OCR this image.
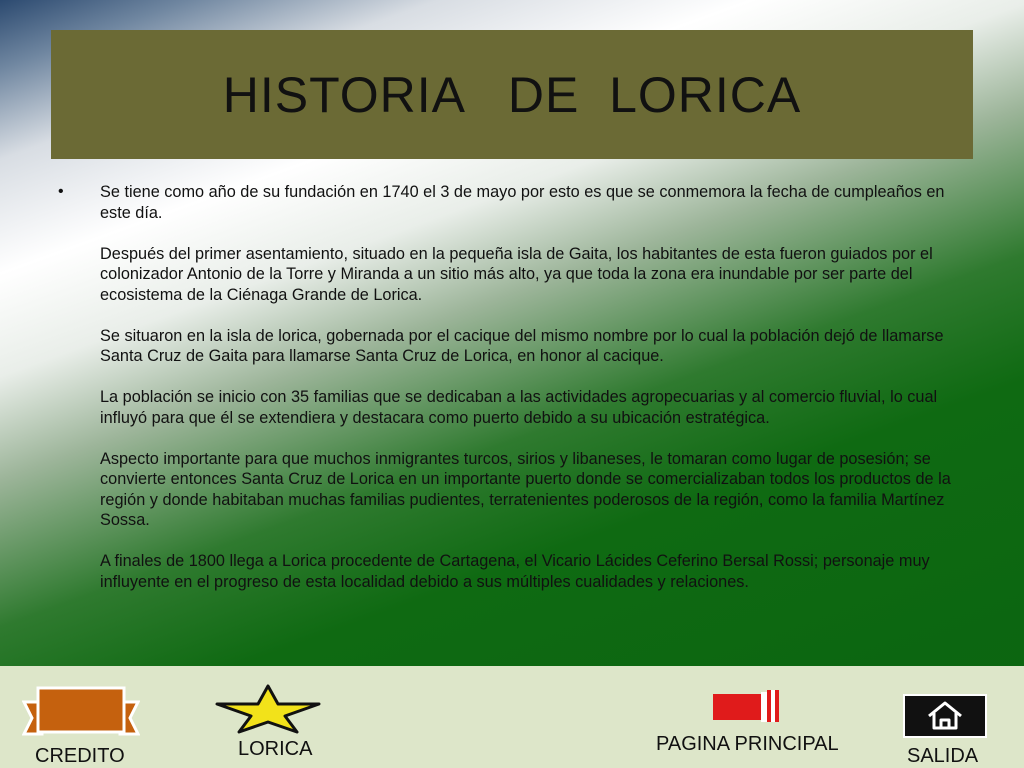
HISTORIA   DE  LORICA
• Se tiene como año de su fundación en 1740 el 3 de mayo por esto es que se conmemora la fecha de cumpleaños en este día.

Después del primer asentamiento, situado en la pequeña isla de Gaita, los habitantes de esta fueron guiados por el colonizador Antonio de la Torre y Miranda a un sitio más alto, ya que toda la zona era inundable por ser parte del ecosistema de la Ciénaga Grande de Lorica.

Se situaron en la isla de lorica, gobernada por el cacique del mismo nombre por lo cual la población dejó de llamarse Santa Cruz de Gaita para llamarse Santa Cruz de Lorica, en honor al cacique.

La población se inicio con 35 familias que se dedicaban a las actividades agropecuarias y al comercio fluvial, lo cual influyó para que él se extendiera y destacara como puerto debido a su ubicación estratégica.

Aspecto importante para que muchos inmigrantes turcos, sirios y libaneses, le tomaran como lugar de posesión; se convierte entonces Santa Cruz de Lorica en un importante puerto donde se comercializaban todos los productos de la región y donde habitaban muchas familias pudientes, terratenientes poderosos de la región, como la familia Martínez Sossa.

A finales de 1800 llega a Lorica procedente de Cartagena, el Vicario Lácides Ceferino Bersal Rossi; personaje muy influyente en el progreso de esta localidad debido a sus múltiples cualidades y relaciones.

CREDITO	LORICA	PAGINA PRINCIPAL
SALIDA
